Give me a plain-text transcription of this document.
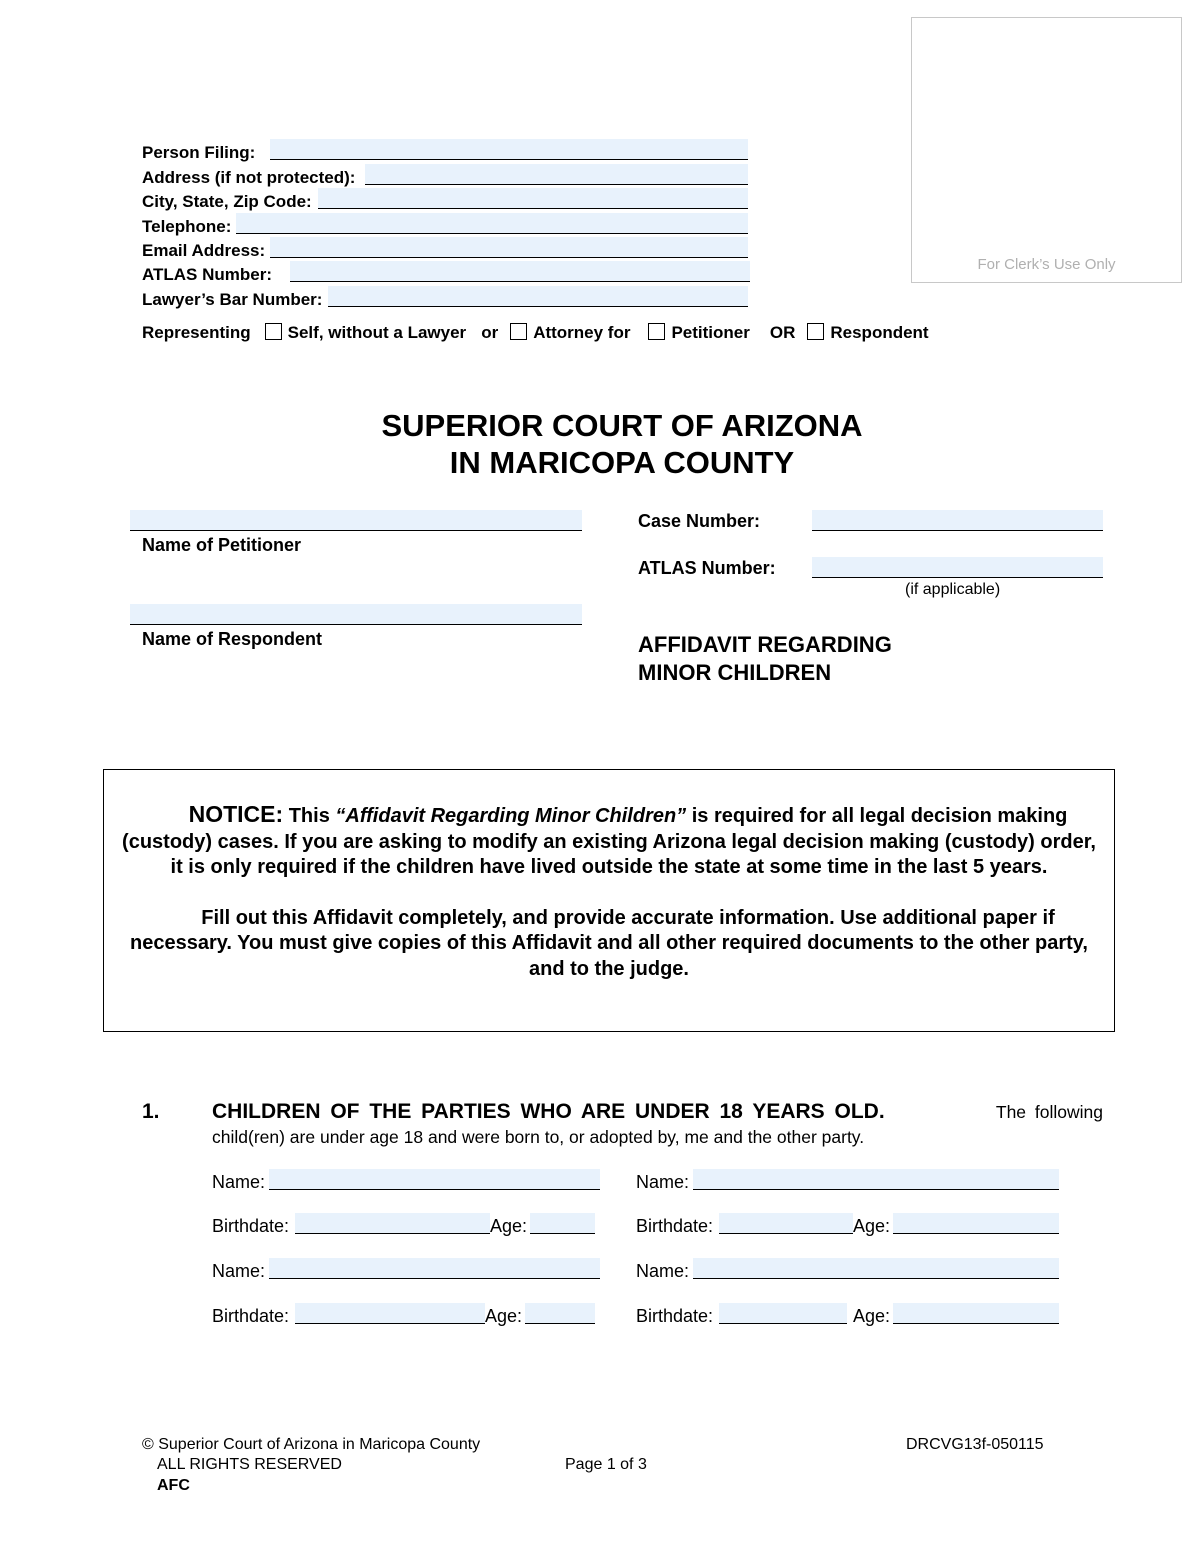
For Clerk’s Use Only
Person Filing:
Address (if not protected):
City, State, Zip Code:
Telephone:
Email Address:
ATLAS Number:
Lawyer’s Bar Number:
Representing Self, without a Lawyer or Attorney for Petitioner OR Respondent
SUPERIOR COURT OF ARIZONA
IN MARICOPA COUNTY
Name of Petitioner
Name of Respondent
Case Number:
ATLAS Number:
(if applicable)
AFFIDAVIT REGARDING
MINOR CHILDREN

NOTICE: This “Affidavit Regarding Minor Children” is required for all legal decision making (custody) cases. If you are asking to modify an existing Arizona legal decision making (custody) order, it is only required if the children have lived outside the state at some time in the last 5 years.

Fill out this Affidavit completely, and provide accurate information. Use additional paper if necessary. You must give copies of this Affidavit and all other required documents to the other party, and to the judge.

1. CHILDREN OF THE PARTIES WHO ARE UNDER 18 YEARS OLD.	The following
child(ren) are under age 18 and were born to, or adopted by, me and the other party.
Name:
Birthdate:	Age:
Name:
Birthdate:	Age:
Name:
Birthdate:	Age:
Name:
Birthdate:	Age:
© Superior Court of Arizona in Maricopa County
ALL RIGHTS RESERVED
AFC
Page 1 of 3
DRCVG13f-050115
